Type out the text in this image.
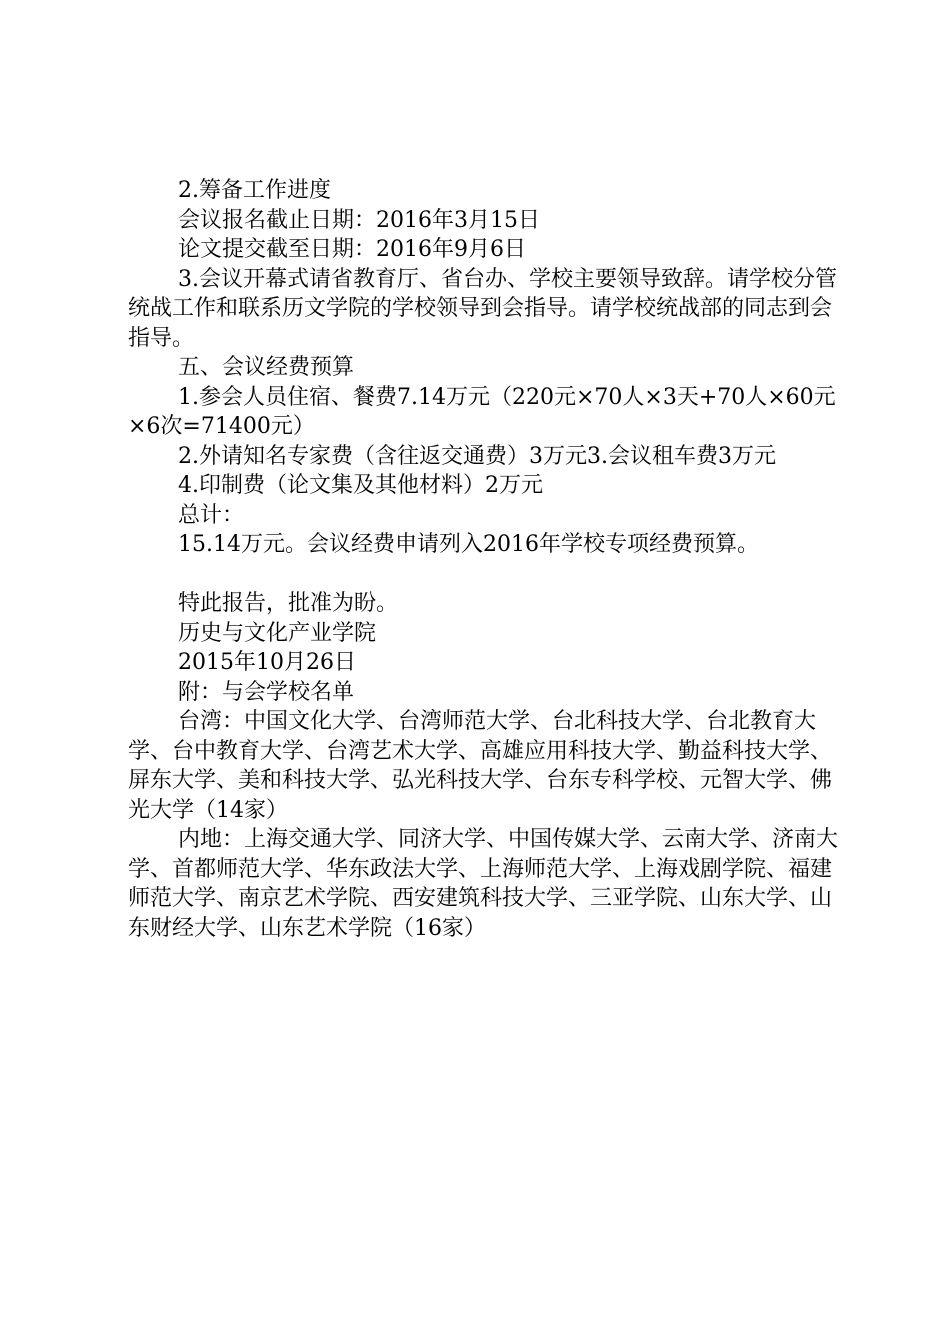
2.筹备工作进度

会议报名截止日期：2016年3月15日

论文提交截至日期：2016年9月6日

3.会议开幕式请省教育厅、省台办、学校主要领导致辞。请学校分管统战工作和联系历文学院的学校领导到会指导。请学校统战部的同志到会指导。

五、会议经费预算

1.参会人员住宿、餐费7.14万元（220元×70人×3天+70人×60元×6次=71400元）

2.外请知名专家费（含往返交通费）3万元3.会议租车费3万元

4.印制费（论文集及其他材料）2万元

总计：

15.14万元。会议经费申请列入2016年学校专项经费预算。

特此报告，批准为盼。

历史与文化产业学院

2015年10月26日

附：与会学校名单

台湾：中国文化大学、台湾师范大学、台北科技大学、台北教育大学、台中教育大学、台湾艺术大学、高雄应用科技大学、勤益科技大学、屏东大学、美和科技大学、弘光科技大学、台东专科学校、元智大学、佛光大学（14家）

内地：上海交通大学、同济大学、中国传媒大学、云南大学、济南大学、首都师范大学、华东政法大学、上海师范大学、上海戏剧学院、福建师范大学、南京艺术学院、西安建筑科技大学、三亚学院、山东大学、山东财经大学、山东艺术学院（16家）
